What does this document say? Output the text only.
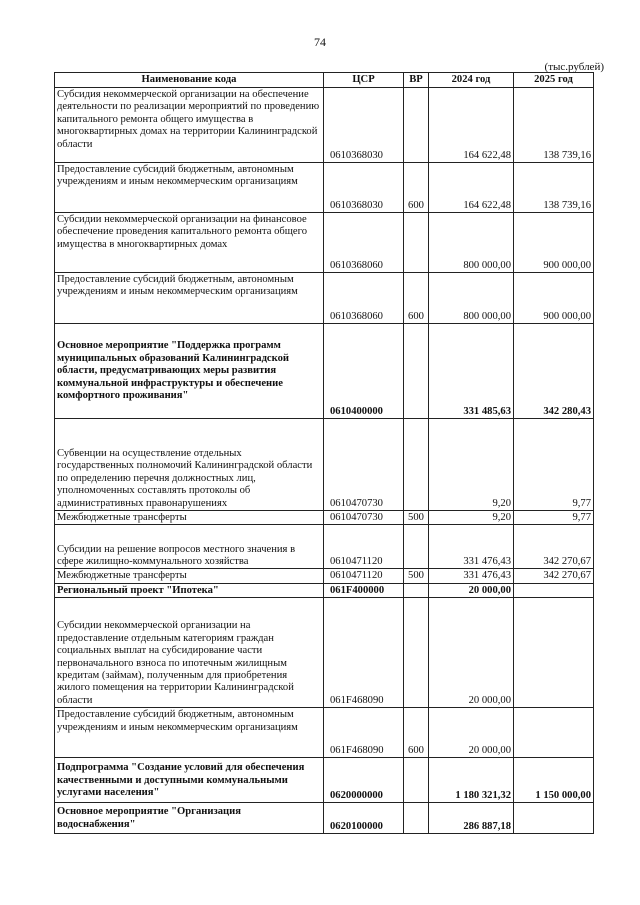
74
(тыс.рублей)
Наименование кода	ЦСР	ВР	2024 год	2025 год
Субсидия некоммерческой организации на обеспечение деятельности по реализации мероприятий по проведению капитального ремонта общего имущества в многоквартирных домах на территории Калининградской области	0610368030		164 622,48	138 739,16
Предоставление субсидий бюджетным, автономным учреждениям и иным некоммерческим организациям	0610368030	600	164 622,48	138 739,16
Субсидии некоммерческой организации на финансовое обеспечение проведения капитального ремонта общего имущества в многоквартирных домах	0610368060		800 000,00	900 000,00
Предоставление субсидий бюджетным, автономным учреждениям и иным некоммерческим организациям	0610368060	600	800 000,00	900 000,00
Основное мероприятие "Поддержка программ муниципальных образований Калининградской области, предусматривающих меры развития коммунальной инфраструктуры и обеспечение комфортного проживания"	0610400000		331 485,63	342 280,43
Субвенции на осуществление отдельных государственных полномочий Калининградской области по определению перечня должностных лиц, уполномоченных составлять протоколы об административных правонарушениях	0610470730		9,20	9,77
Межбюджетные трансферты	0610470730	500	9,20	9,77
Субсидии на решение вопросов местного значения в сфере жилищно-коммунального хозяйства	0610471120		331 476,43	342 270,67
Межбюджетные трансферты	0610471120	500	331 476,43	342 270,67
Региональный проект "Ипотека"	061F400000		20 000,00	
Субсидии некоммерческой организации на предоставление отдельным категориям граждан социальных выплат на субсидирование части первоначального взноса по ипотечным жилищным кредитам (займам), полученным для приобретения жилого помещения на территории Калининградской области	061F468090		20 000,00	
Предоставление субсидий бюджетным, автономным учреждениям и иным некоммерческим организациям	061F468090	600	20 000,00	
Подпрограмма "Создание условий для обеспечения качественными и доступными коммунальными услугами населения"	0620000000		1 180 321,32	1 150 000,00
Основное мероприятие "Организация водоснабжения"	0620100000		286 887,18	
